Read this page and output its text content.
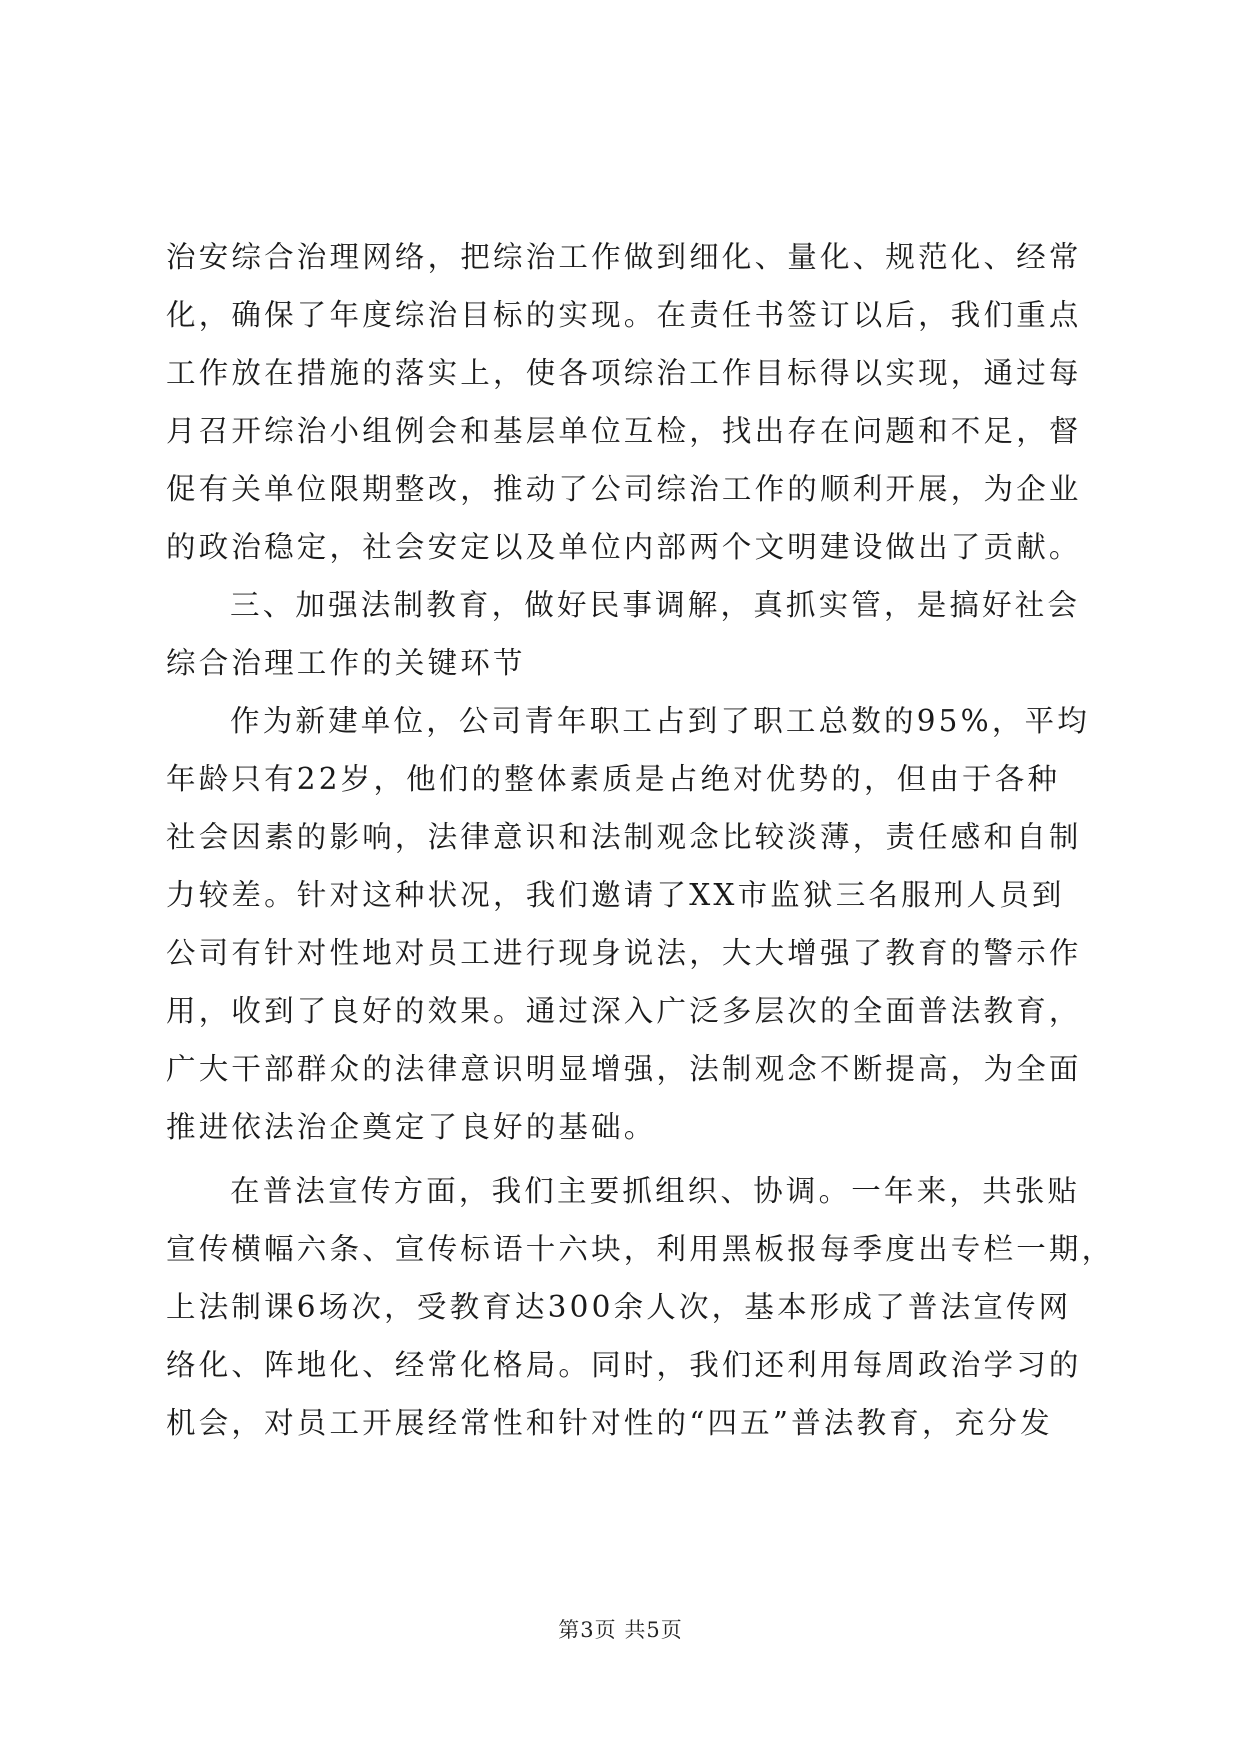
治安综合治理网络，把综治工作做到细化、量化、规范化、经常
化，确保了年度综治目标的实现。在责任书签订以后，我们重点
工作放在措施的落实上，使各项综治工作目标得以实现，通过每
月召开综治小组例会和基层单位互检，找出存在问题和不足，督
促有关单位限期整改，推动了公司综治工作的顺利开展，为企业
的政治稳定，社会安定以及单位内部两个文明建设做出了贡献。
三、加强法制教育，做好民事调解，真抓实管，是搞好社会
综合治理工作的关键环节
作为新建单位，公司青年职工占到了职工总数的95%，平均
年龄只有22岁，他们的整体素质是占绝对优势的，但由于各种
社会因素的影响，法律意识和法制观念比较淡薄，责任感和自制
力较差。针对这种状况，我们邀请了XX市监狱三名服刑人员到
公司有针对性地对员工进行现身说法，大大增强了教育的警示作
用，收到了良好的效果。通过深入广泛多层次的全面普法教育，
广大干部群众的法律意识明显增强，法制观念不断提高，为全面
推进依法治企奠定了良好的基础。
在普法宣传方面，我们主要抓组织、协调。一年来，共张贴
宣传横幅六条、宣传标语十六块，利用黑板报每季度出专栏一期，
上法制课6场次，受教育达300余人次，基本形成了普法宣传网
络化、阵地化、经常化格局。同时，我们还利用每周政治学习的
机会，对员工开展经常性和针对性的“四五”普法教育，充分发
第3页 共5页
